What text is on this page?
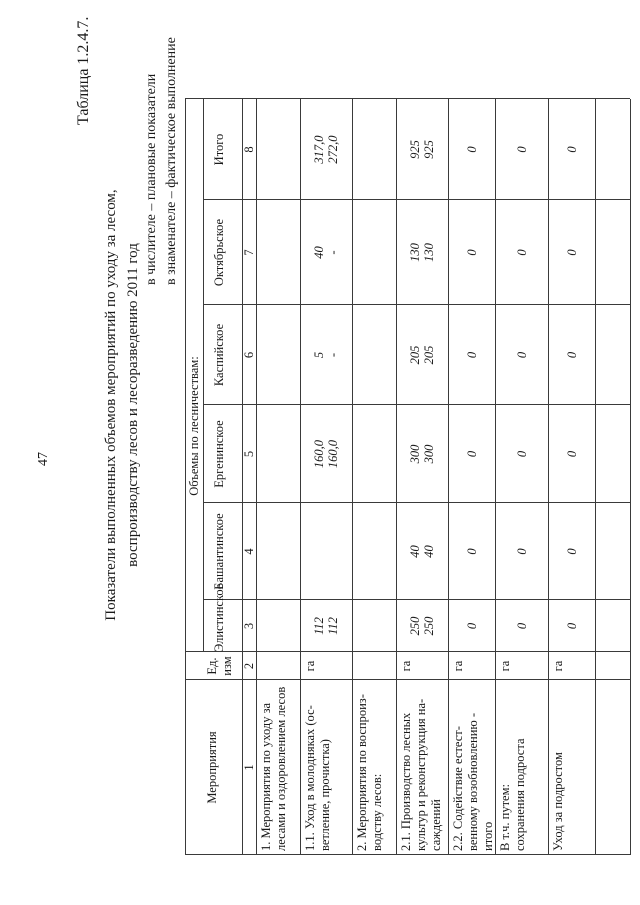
47
Таблица 1.2.4.7.
Показатели выполненных объемов мероприятий по уходу за лесом, воспроизводству лесов и лесоразведению 2011 год
в числителе – плановые показатели в знаменателе – фактическое выполнение
Мероприятия
Ед. изм
Объемы по лесничествам:
Элистинское
Башантинское
Ергенинское
Каспийское
Октябрьское
Итого
1
2
3
4
5
6
7
8
1. Мероприятия по уходу за
лесами и оздоровлением лесов
1.1. Уход в молодняках (ос-
ветление, прочистка)
га
112
112

160,0
160,0
5
-
40
-
317,0
272,0
2. Мероприятия по воспроиз-
водству лесов:
2.1. Производство лесных
культур и реконструкция на-
саждений
га
250
250
40
40
300
300
205
205
130
130
925
925
2.2. Содействие естест-
венному возобновлению -
итого
га
0
0
0
0
0
0
В т.ч. путем:
сохранения подроста
га
0
0
0
0
0
0
Уход за подростом
га
0
0
0
0
0
0
